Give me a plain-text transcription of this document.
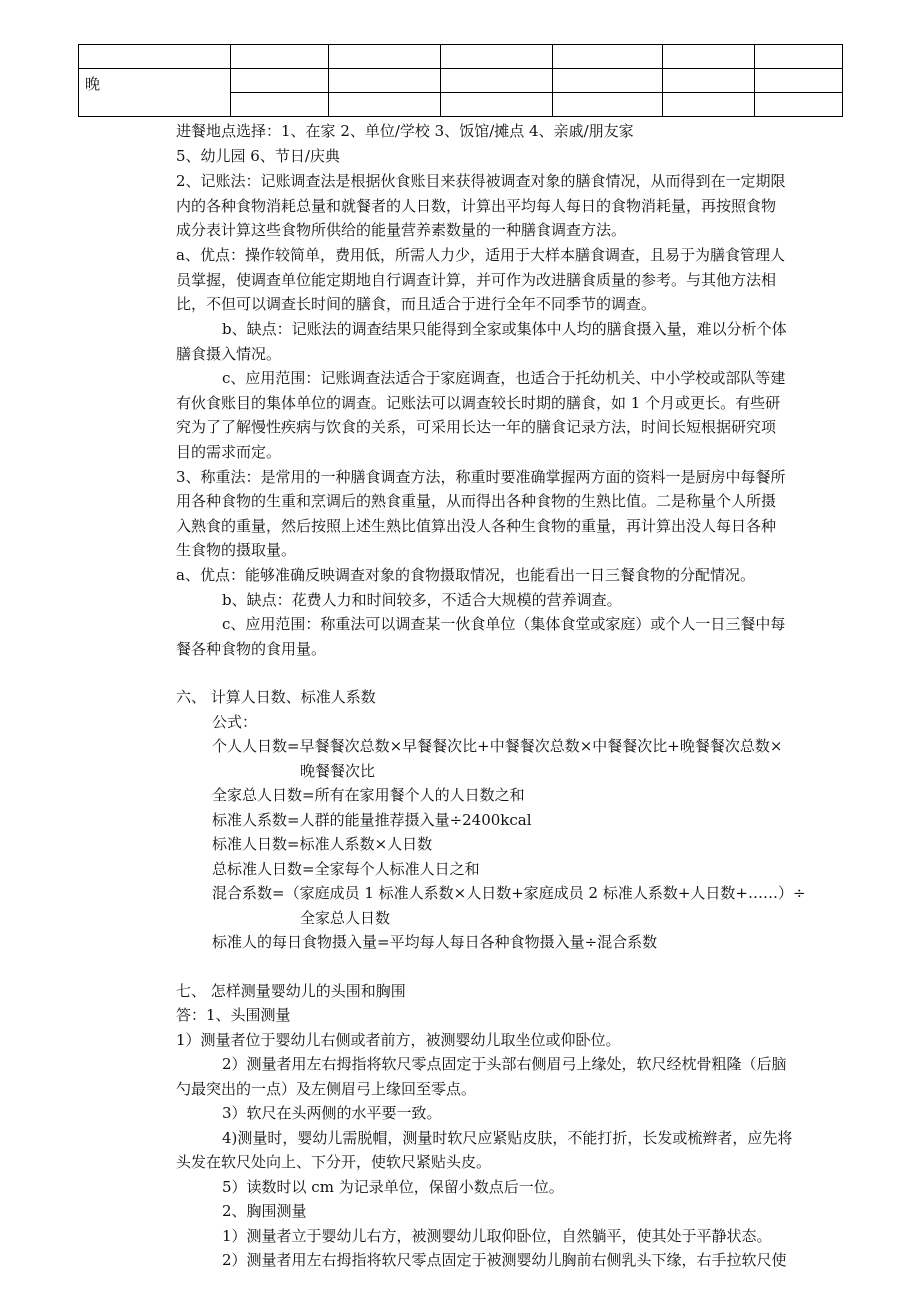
晚						

进餐地点选择：1、在家 2、单位/学校 3、饭馆/摊点 4、亲戚/朋友家
5、幼儿园 6、节日/庆典
2、记账法：记账调查法是根据伙食账目来获得被调查对象的膳食情况，从而得到在一定期限
内的各种食物消耗总量和就餐者的人日数，计算出平均每人每日的食物消耗量，再按照食物
成分表计算这些食物所供给的能量营养素数量的一种膳食调查方法。
a、优点：操作较简单，费用低，所需人力少，适用于大样本膳食调查，且易于为膳食管理人
员掌握，使调查单位能定期地自行调查计算，并可作为改进膳食质量的参考。与其他方法相
比，不但可以调查长时间的膳食，而且适合于进行全年不同季节的调查。
b、缺点：记账法的调查结果只能得到全家或集体中人均的膳食摄入量，难以分析个体
膳食摄入情况。
c、应用范围：记账调查法适合于家庭调查，也适合于托幼机关、中小学校或部队等建
有伙食账目的集体单位的调查。记账法可以调查较长时期的膳食，如 1 个月或更长。有些研
究为了了解慢性疾病与饮食的关系，可采用长达一年的膳食记录方法，时间长短根据研究项
目的需求而定。
3、称重法：是常用的一种膳食调查方法，称重时要准确掌握两方面的资料一是厨房中每餐所
用各种食物的生重和烹调后的熟食重量，从而得出各种食物的生熟比值。二是称量个人所摄
入熟食的重量，然后按照上述生熟比值算出没人各种生食物的重量，再计算出没人每日各种
生食物的摄取量。
a、优点：能够准确反映调查对象的食物摄取情况，也能看出一日三餐食物的分配情况。
b、缺点：花费人力和时间较多，不适合大规模的营养调查。
c、应用范围：称重法可以调查某一伙食单位（集体食堂或家庭）或个人一日三餐中每
餐各种食物的食用量。
六、 计算人日数、标准人系数
公式：
个人人日数=早餐餐次总数×早餐餐次比+中餐餐次总数×中餐餐次比+晚餐餐次总数×
晚餐餐次比
全家总人日数=所有在家用餐个人的人日数之和
标准人系数=人群的能量推荐摄入量÷2400kcal
标准人日数=标准人系数×人日数
总标准人日数=全家每个人标准人日之和
混合系数=（家庭成员 1 标准人系数×人日数+家庭成员 2 标准人系数+人日数+……）÷
全家总人日数
标准人的每日食物摄入量=平均每人每日各种食物摄入量÷混合系数
七、 怎样测量婴幼儿的头围和胸围
答：1、头围测量
1）测量者位于婴幼儿右侧或者前方，被测婴幼儿取坐位或仰卧位。
2）测量者用左右拇指将软尺零点固定于头部右侧眉弓上缘处，软尺经枕骨粗隆（后脑
勺最突出的一点）及左侧眉弓上缘回至零点。
3）软尺在头两侧的水平要一致。
4)测量时，婴幼儿需脱帽，测量时软尺应紧贴皮肤，不能打折，长发或梳辫者，应先将
头发在软尺处向上、下分开，使软尺紧贴头皮。
5）读数时以 cm 为记录单位，保留小数点后一位。
2、胸围测量
1）测量者立于婴幼儿右方，被测婴幼儿取仰卧位，自然躺平，使其处于平静状态。
2）测量者用左右拇指将软尺零点固定于被测婴幼儿胸前右侧乳头下缘，右手拉软尺使
